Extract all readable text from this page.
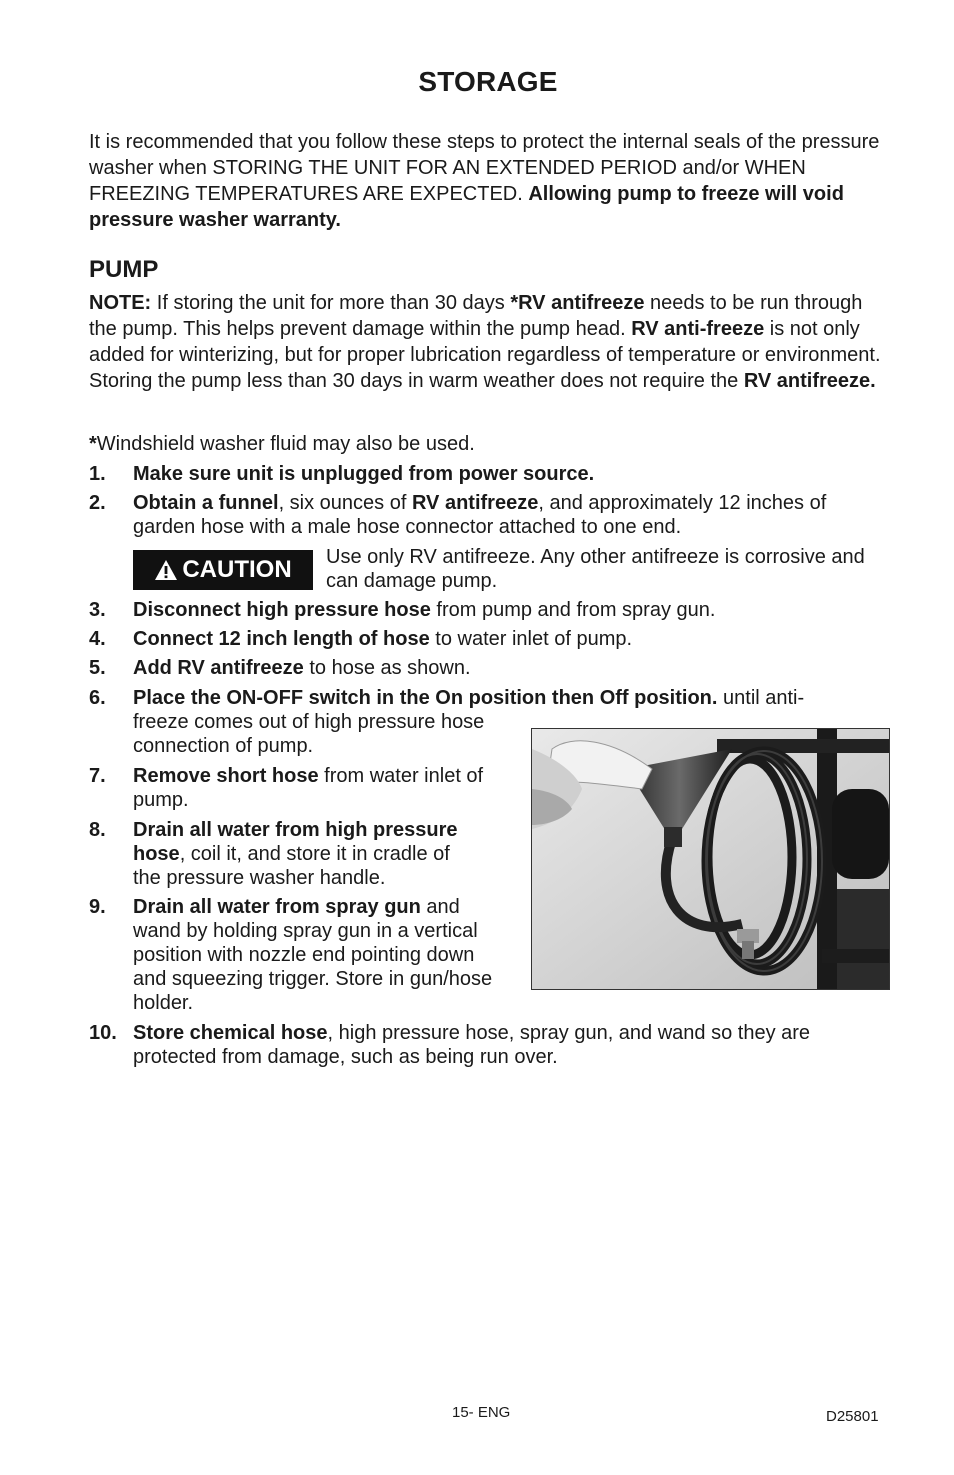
STORAGE
It is recommended that you follow these steps to protect the internal seals of the pressure washer when STORING THE UNIT FOR AN EXTENDED PERIOD and/or WHEN FREEZING TEMPERATURES ARE EXPECTED. Allowing pump to freeze will void pressure washer warranty.
PUMP
NOTE: If storing the unit for more than 30 days *RV antifreeze needs to be run through the pump. This helps prevent damage within the pump head. RV anti-freeze is not only added for winterizing, but for proper lubrication regardless of temperature or environment. Storing the pump less than 30 days in warm weather does not require the RV antifreeze.
*Windshield washer fluid may also be used.
1. Make sure unit is unplugged from power source.
2. Obtain a funnel, six ounces of RV antifreeze, and approximately 12 inches of garden hose with a male hose connector attached to one end.
CAUTION Use only RV antifreeze. Any other antifreeze is corrosive and can damage pump.
3. Disconnect high pressure hose from pump and from spray gun.
4. Connect 12 inch length of hose to water inlet of pump.
5. Add RV antifreeze to hose as shown.
6. Place the ON-OFF switch in the On position then Off position. until anti-
freeze comes out of high pressure hose
connection of pump.
7. Remove short hose from water inlet of
pump.
8. Drain all water from high pressure
hose, coil it, and store it in cradle of
the pressure washer handle.
9. Drain all water from spray gun and
wand by holding spray gun in a vertical
position with nozzle end pointing down
and squeezing trigger. Store in gun/hose
holder.
10. Store chemical hose, high pressure hose, spray gun, and wand so they are protected from damage, such as being run over.
15- ENG	D25801
